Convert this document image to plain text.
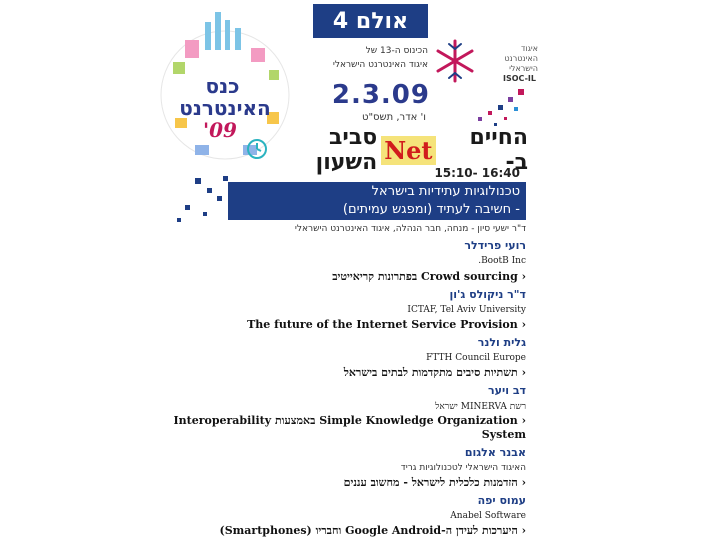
כנס
האינטרנט
'09
אולם 4
הכינוס ה-13 של
איגוד האינטרנט הישראלי
2.3.09
ו' אדר, תשס"ט
איגוד
האינטרנט
הישראלי
ISOC-IL
החיים ב-
Net
סביב השעון	15:10- 16:40
טכנולוגיות עתידיות בישראל
- חשיבה לעתיד (ומפגש עמיתים)
ד"ר ישעי סיון - מנחה, חבר הנהלה, איגוד האינטרנט הישראלי
רועי פרידלר
BootB Inc.
‹ Crowd sourcing בפתרונות קריאייטיב
ד"ר ניקולס ג'ון
ICTAF, Tel Aviv University
‹ The future of the Internet Service Provision
גלית ולנר
FTTH Council Europe
‹ תשתיות סיבים מתקדמות לבתים בישראל
דב ויער
רשת MINERVA ישראל
‹ Simple Knowledge Organization באמצעות Interoperability
System
אבנר אלגום
האיגוד הישראלי לטכנולוגיות גריד
‹ הזדמנות כלכלית לישראל - מחשוב עננים
עמוס יפה
Anabel Software
‹ היערכות לעידן ה-Google Android וחבריו (Smartphones)
